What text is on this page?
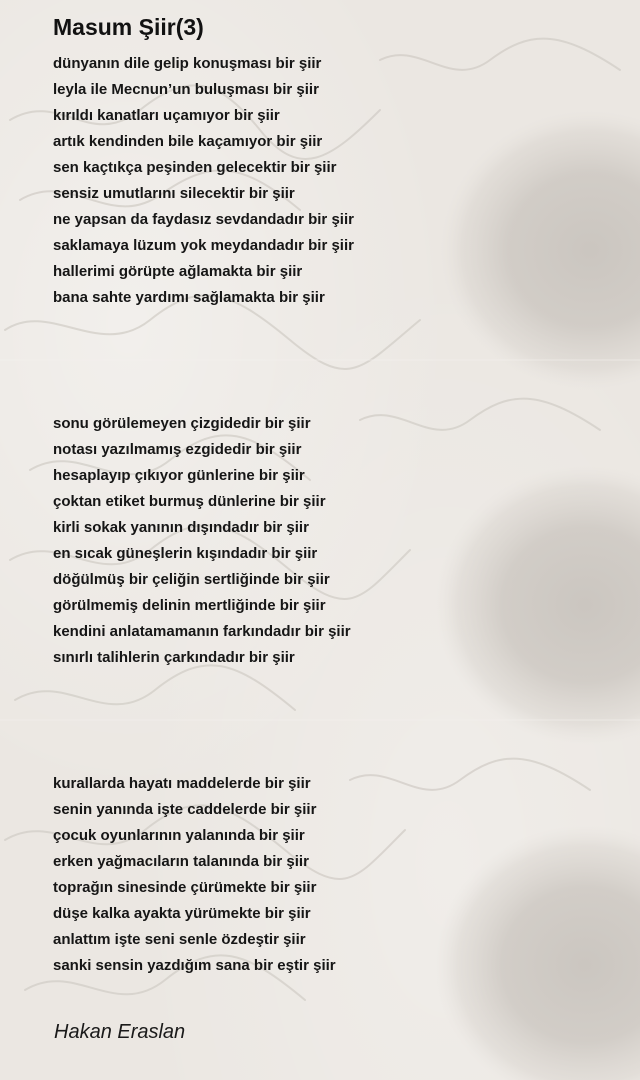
Masum Şiir(3)
dünyanın dile gelip konuşması bir şiir
leyla ile Mecnun’un buluşması bir şiir
kırıldı kanatları uçamıyor bir şiir
artık kendinden bile kaçamıyor bir şiir
sen kaçtıkça peşinden gelecektir bir şiir
sensiz umutlarını silecektir bir şiir
ne yapsan da faydasız sevdandadır bir şiir
saklamaya lüzum yok meydandadır bir şiir
hallerimi görüpte ağlamakta bir şiir
bana sahte yardımı sağlamakta bir şiir
sonu görülemeyen çizgidedir bir şiir
notası yazılmamış ezgidedir bir şiir
hesaplayıp çıkıyor günlerine bir şiir
çoktan etiket burmuş dünlerine bir şiir
kirli sokak yanının dışındadır bir şiir
en sıcak güneşlerin kışındadır bir şiir
döğülmüş bir çeliğin sertliğinde bir şiir
görülmemiş delinin mertliğinde bir şiir
kendini anlatamamanın farkındadır bir şiir
sınırlı talihlerin çarkındadır bir şiir
kurallarda hayatı maddelerde bir şiir
senin yanında işte caddelerde bir şiir
çocuk oyunlarının yalanında bir şiir
erken yağmacıların talanında bir şiir
toprağın sinesinde çürümekte bir şiir
düşe kalka ayakta yürümekte bir şiir
anlattım işte seni senle özdeştir şiir
sanki sensin yazdığım sana bir eştir şiir
Hakan Eraslan
